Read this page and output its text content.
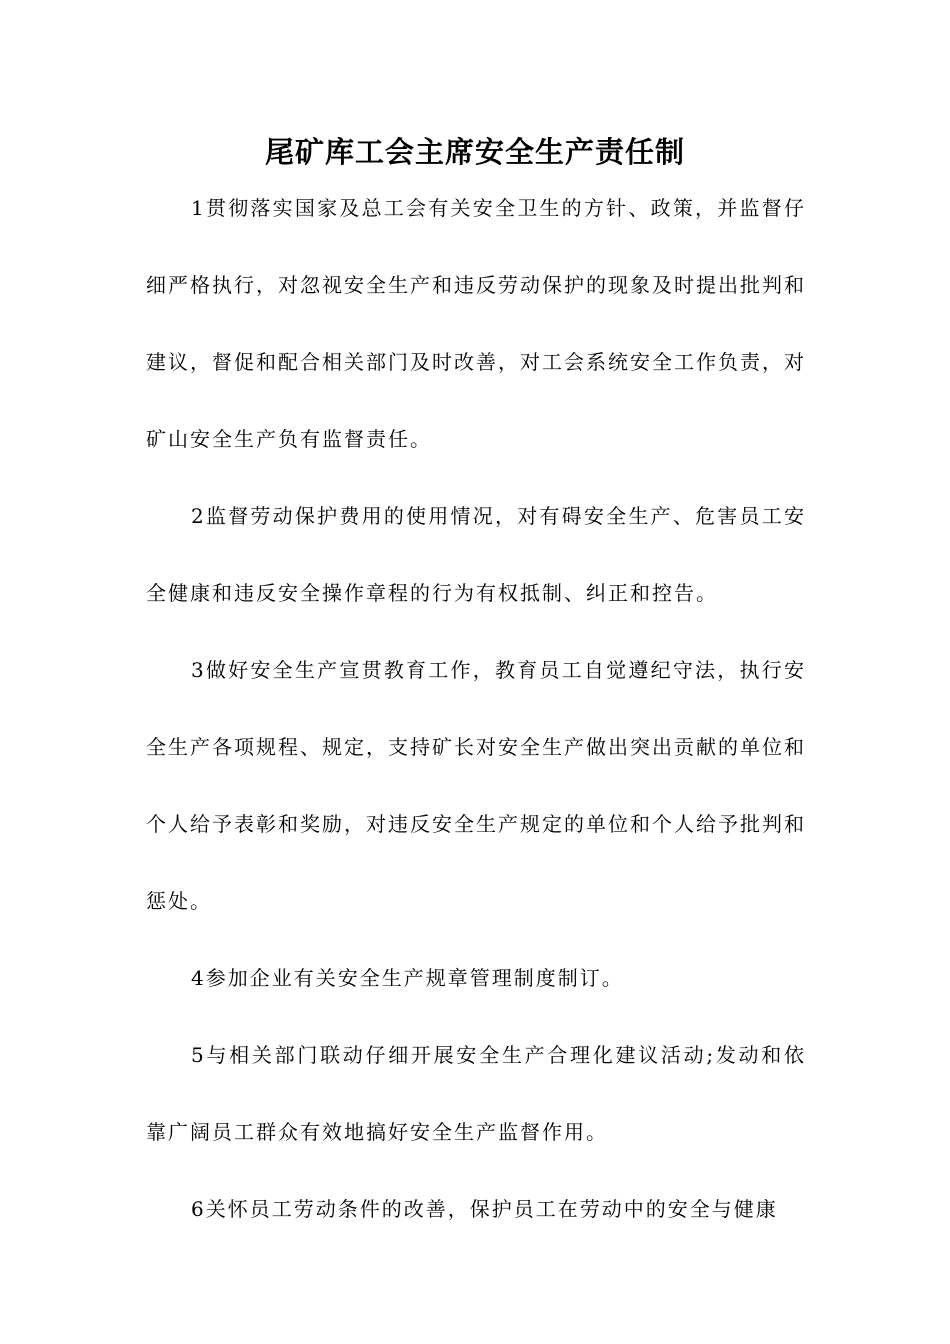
尾矿库工会主席安全生产责任制

1贯彻落实国家及总工会有关安全卫生的方针、政策，并监督仔细严格执行，对忽视安全生产和违反劳动保护的现象及时提出批判和建议，督促和配合相关部门及时改善，对工会系统安全工作负责，对矿山安全生产负有监督责任。

2监督劳动保护费用的使用情况，对有碍安全生产、危害员工安全健康和违反安全操作章程的行为有权抵制、纠正和控告。

3做好安全生产宣贯教育工作，教育员工自觉遵纪守法，执行安全生产各项规程、规定，支持矿长对安全生产做出突出贡献的单位和个人给予表彰和奖励，对违反安全生产规定的单位和个人给予批判和惩处。

4参加企业有关安全生产规章管理制度制订。

5与相关部门联动仔细开展安全生产合理化建议活动;发动和依靠广阔员工群众有效地搞好安全生产监督作用。

6关怀员工劳动条件的改善，保护员工在劳动中的安全与健康
